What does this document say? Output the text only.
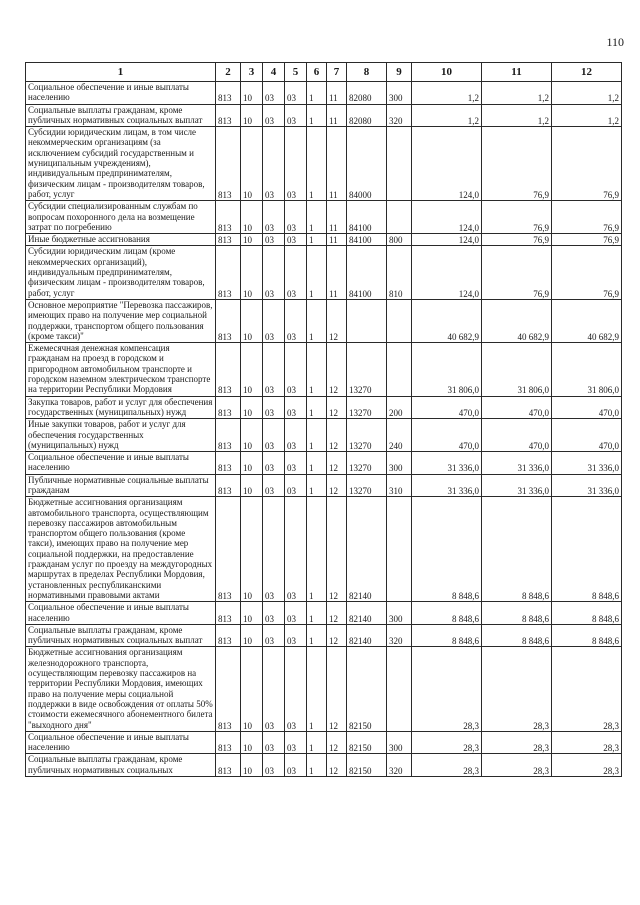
110
1	2	3	4	5	6	7	8	9	10	11	12
Социальное обеспечение и иные выплаты населению	813	10	03	03	1	11	82080	300	1,2	1,2	1,2
Социальные выплаты гражданам, кроме публичных нормативных социальных выплат	813	10	03	03	1	11	82080	320	1,2	1,2	1,2
Субсидии юридическим лицам, в том числе некоммерческим организациям (за исключением субсидий государственным и муниципальным учреждениям), индивидуальным предпринимателям, физическим лицам - производителям товаров, работ, услуг	813	10	03	03	1	11	84000		124,0	76,9	76,9
Субсидии специализированным службам по вопросам похоронного дела на возмещение затрат по погребению	813	10	03	03	1	11	84100		124,0	76,9	76,9
Иные бюджетные ассигнования	813	10	03	03	1	11	84100	800	124,0	76,9	76,9
Субсидии юридическим лицам (кроме некоммерческих организаций), индивидуальным предпринимателям, физическим лицам - производителям товаров, работ, услуг	813	10	03	03	1	11	84100	810	124,0	76,9	76,9
Основное мероприятие "Перевозка пассажиров, имеющих право на получение мер социальной поддержки, транспортом общего пользования (кроме такси)"	813	10	03	03	1	12			40 682,9	40 682,9	40 682,9
Ежемесячная денежная компенсация гражданам на проезд в городском и пригородном автомобильном транспорте и городском наземном электрическом транспорте на территории Республики Мордовия	813	10	03	03	1	12	13270		31 806,0	31 806,0	31 806,0
Закупка товаров, работ и услуг для обеспечения государственных (муниципальных) нужд	813	10	03	03	1	12	13270	200	470,0	470,0	470,0
Иные закупки товаров, работ и услуг для обеспечения государственных (муниципальных) нужд	813	10	03	03	1	12	13270	240	470,0	470,0	470,0
Социальное обеспечение и иные выплаты населению	813	10	03	03	1	12	13270	300	31 336,0	31 336,0	31 336,0
Публичные нормативные социальные выплаты гражданам	813	10	03	03	1	12	13270	310	31 336,0	31 336,0	31 336,0
Бюджетные ассигнования организациям автомобильного транспорта, осуществляющим перевозку пассажиров автомобильным транспортом общего пользования (кроме такси), имеющих право на получение мер социальной поддержки, на предоставление гражданам услуг по проезду на междугородных маршрутах в пределах Республики Мордовия, установленных республиканскими нормативными правовыми актами	813	10	03	03	1	12	82140		8 848,6	8 848,6	8 848,6
Социальное обеспечение и иные выплаты населению	813	10	03	03	1	12	82140	300	8 848,6	8 848,6	8 848,6
Социальные выплаты гражданам, кроме публичных нормативных социальных выплат	813	10	03	03	1	12	82140	320	8 848,6	8 848,6	8 848,6
Бюджетные ассигнования организациям железнодорожного транспорта, осуществляющим перевозку пассажиров на территории Республики Мордовия, имеющих право на получение меры социальной поддержки в виде освобождения от оплаты 50% стоимости ежемесячного абонементного билета "выходного дня"	813	10	03	03	1	12	82150		28,3	28,3	28,3
Социальное обеспечение и иные выплаты населению	813	10	03	03	1	12	82150	300	28,3	28,3	28,3
Социальные выплаты гражданам, кроме публичных нормативных социальных	813	10	03	03	1	12	82150	320	28,3	28,3	28,3
